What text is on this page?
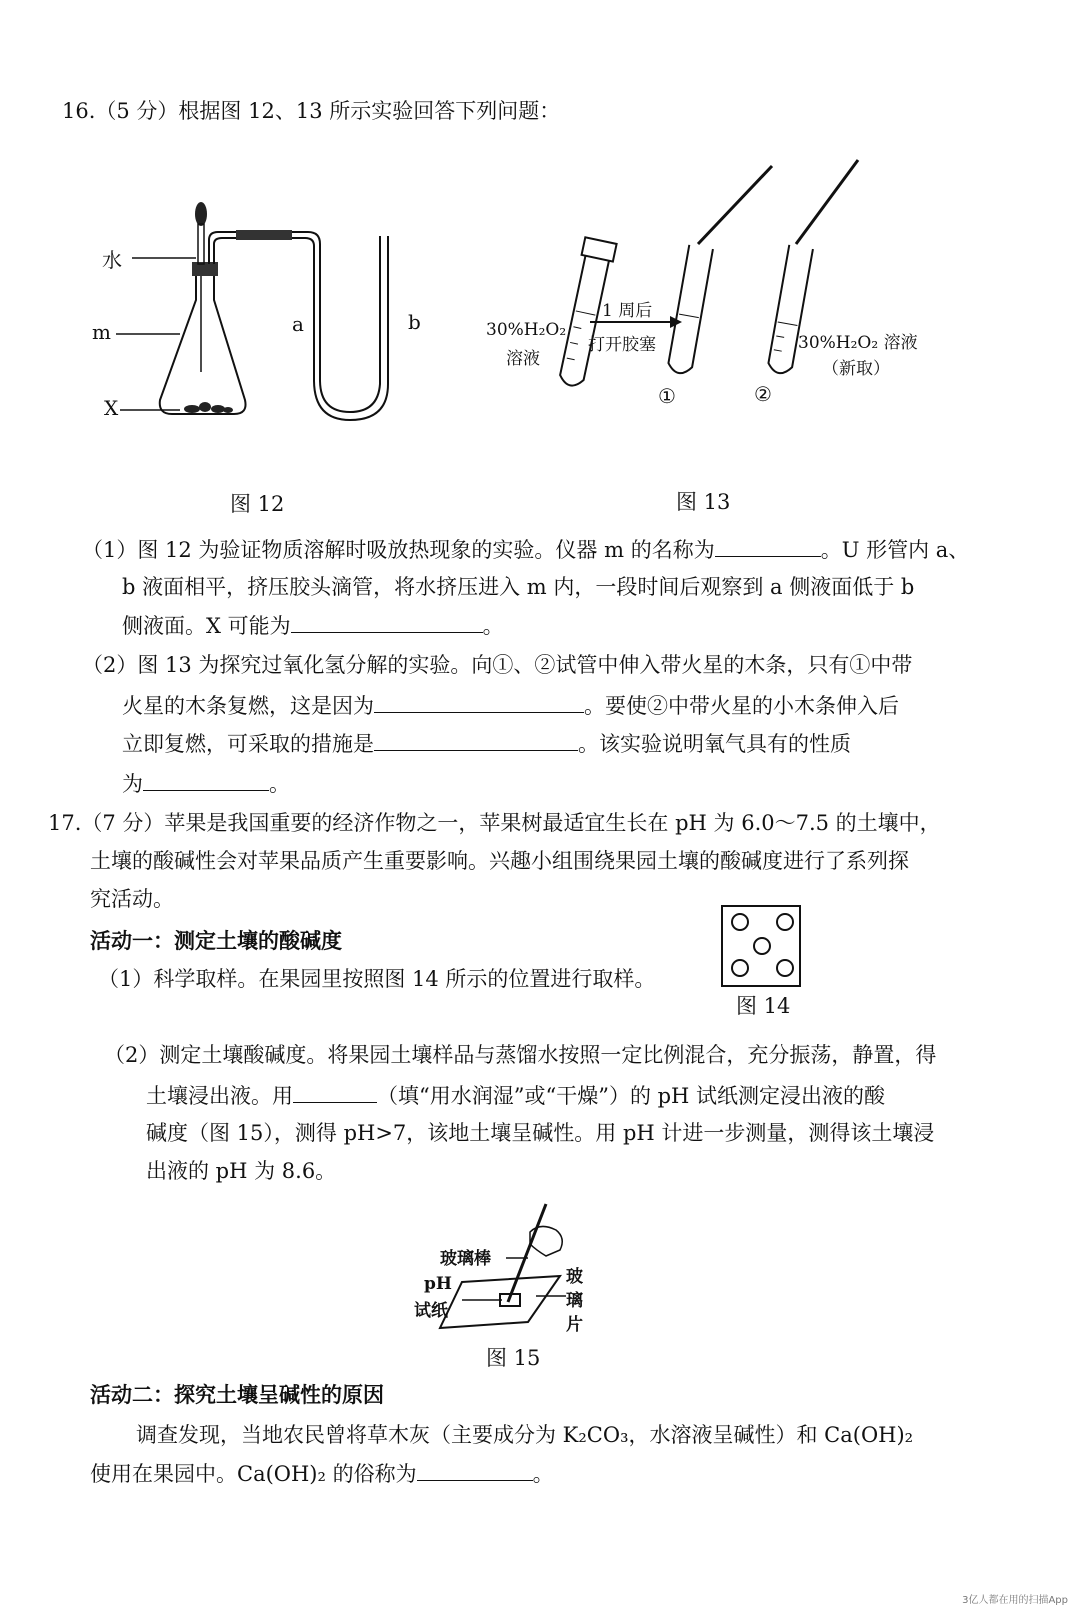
16.（5 分）根据图 12、13 所示实验回答下列问题：
水
m
X
a	b
图 12
30%H₂O₂
溶液
1 周后
打开胶塞	30%H₂O₂ 溶液
（新取）
①	②
图 13
（1）图 12 为验证物质溶解时吸放热现象的实验。仪器 m 的名称为	。U 形管内 a、
b 液面相平，挤压胶头滴管，将水挤压进入 m 内，一段时间后观察到 a 侧液面低于 b
侧液面。X 可能为	。
（2）图 13 为探究过氧化氢分解的实验。向①、②试管中伸入带火星的木条，只有①中带
火星的木条复燃，这是因为	。要使②中带火星的小木条伸入后
立即复燃，可采取的措施是	。该实验说明氧气具有的性质
为	。
17.（7 分）苹果是我国重要的经济作物之一，苹果树最适宜生长在 pH 为 6.0～7.5 的土壤中，
土壤的酸碱性会对苹果品质产生重要影响。兴趣小组围绕果园土壤的酸碱度进行了系列探
究活动。
活动一：测定土壤的酸碱度
（1）科学取样。在果园里按照图 14 所示的位置进行取样。
图 14
（2）测定土壤酸碱度。将果园土壤样品与蒸馏水按照一定比例混合，充分振荡，静置，得
土壤浸出液。用	（填“用水润湿”或“干燥”）的 pH 试纸测定浸出液的酸
碱度（图 15），测得 pH>7，该地土壤呈碱性。用 pH 计进一步测量，测得该土壤浸
出液的 pH 为 8.6。
玻璃棒
pH
试纸
玻
璃
片
图 15
活动二：探究土壤呈碱性的原因
调查发现，当地农民曾将草木灰（主要成分为 K₂CO₃，水溶液呈碱性）和 Ca(OH)₂
使用在果园中。Ca(OH)₂ 的俗称为	。
3亿人都在用的扫描App
